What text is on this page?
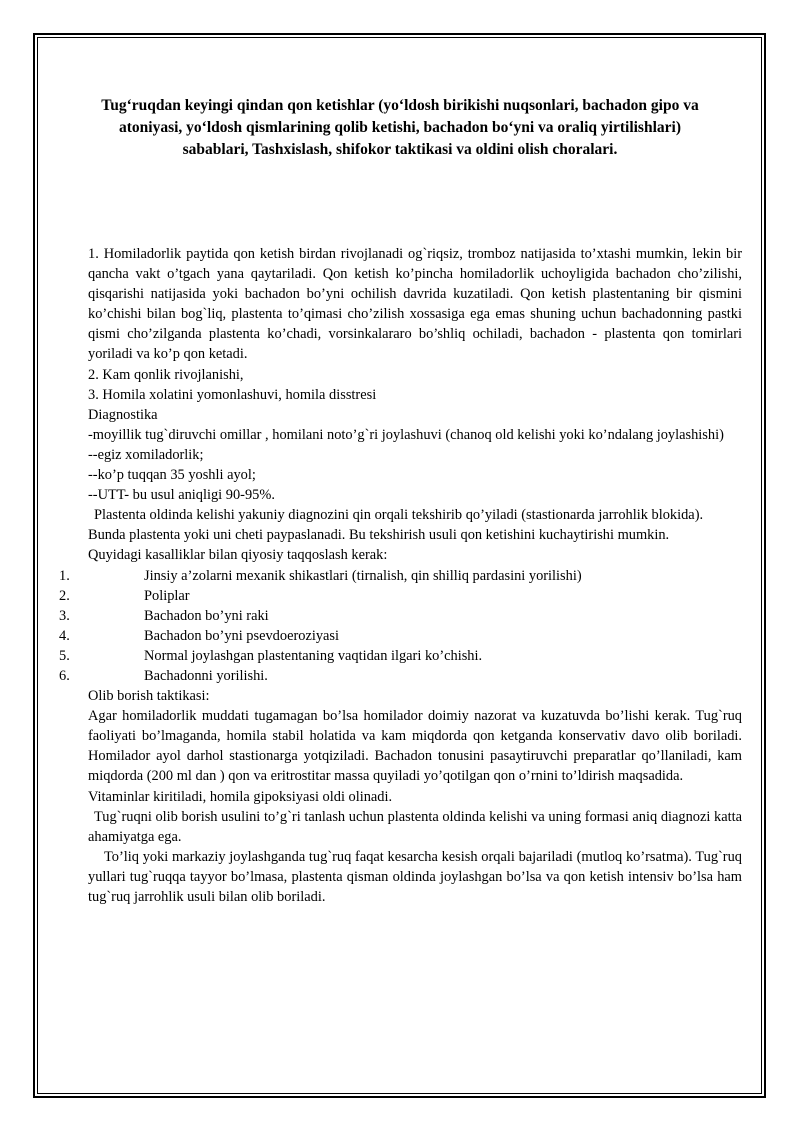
Tug‘ruqdan keyingi qindan qon ketishlar (yo‘ldosh birikishi nuqsonlari, bachadon gipo va atoniyasi, yo‘ldosh qismlarining qolib ketishi, bachadon bo‘yni va oraliq yirtilishlari) sabablari, Tashxislash, shifokor taktikasi va oldini olish choralari.

1. Homiladorlik paytida qon ketish birdan rivojlanadi og`riqsiz, tromboz natijasida to’xtashi mumkin, lekin bir qancha vakt o’tgach yana qaytariladi. Qon ketish ko’pincha homiladorlik uchoyligida bachadon cho’zilishi, qisqarishi natijasida yoki bachadon bo’yni ochilish davrida kuzatiladi. Qon ketish plastentaning bir qismini ko’chishi bilan bog`liq, plastenta to’qimasi cho’zilish xossasiga ega emas shuning uchun bachadonning pastki qismi cho’zilganda plastenta ko’chadi, vorsinkalararo bo’shliq ochiladi, bachadon - plastenta qon tomirlari yoriladi va ko’p qon ketadi.

2. Kam qonlik rivojlanishi,

3. Homila xolatini yomonlashuvi, homila disstresi

Diagnostika

-moyillik tug`diruvchi omillar , homilani noto’g`ri joylashuvi (chanoq old kelishi yoki ko’ndalang joylashishi)

--egiz xomiladorlik;

--ko’p tuqqan 35 yoshli ayol;

--UTT- bu usul aniqligi 90-95%.

Plastenta oldinda kelishi yakuniy diagnozini qin orqali tekshirib qo’yiladi (stastionarda jarrohlik blokida).

Bunda plastenta yoki uni cheti paypaslanadi. Bu tekshirish usuli qon ketishini kuchaytirishi mumkin.

Quyidagi kasalliklar bilan qiyosiy taqqoslash kerak:

1.	Jinsiy a’zolarni mexanik shikastlari (tirnalish, qin shilliq pardasini yorilishi)
2.	Poliplar
3.	Bachadon bo’yni raki
4.	Bachadon bo’yni psevdoeroziyasi
5.	Normal joylashgan plastentaning vaqtidan ilgari ko’chishi.
6.	Bachadonni yorilishi.

Olib borish taktikasi:

Agar homiladorlik muddati tugamagan bo’lsa homilador doimiy nazorat va kuzatuvda bo’lishi kerak. Tug`ruq faoliyati bo’lmaganda, homila stabil holatida va kam miqdorda qon ketganda konservativ davo olib boriladi. Homilador ayol darhol stastionarga yotqiziladi. Bachadon tonusini pasaytiruvchi preparatlar qo’llaniladi, kam miqdorda (200 ml dan ) qon va eritrostitar massa quyiladi yo’qotilgan qon o’rnini to’ldirish maqsadida.

Vitaminlar kiritiladi, homila gipoksiyasi oldi olinadi.

Tug`ruqni olib borish usulini to’g`ri tanlash uchun plastenta oldinda kelishi va uning formasi aniq diagnozi katta ahamiyatga ega.

To’liq yoki markaziy joylashganda tug`ruq faqat kesarcha kesish orqali bajariladi (mutloq ko’rsatma). Tug`ruq yullari tug`ruqqa tayyor bo’lmasa, plastenta qisman oldinda joylashgan bo’lsa va qon ketish intensiv bo’lsa ham tug`ruq jarrohlik usuli bilan olib boriladi.
